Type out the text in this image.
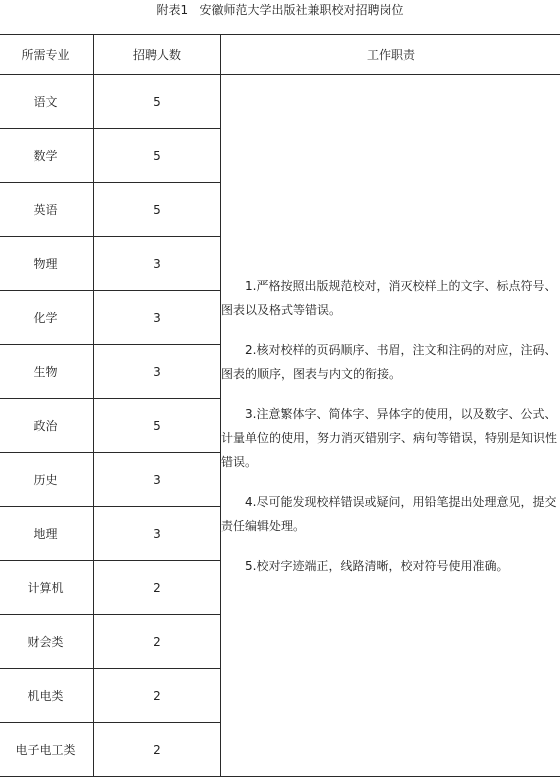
附表1   安徽师范大学出版社兼职校对招聘岗位
所需专业	招聘人数	工作职责
语文	5	1.严格按照出版规范校对，消灭校样上的文字、标点符号、图表以及格式等错误。
2.核对校样的页码顺序、书眉，注文和注码的对应，注码、图表的顺序，图表与内文的衔接。
3.注意繁体字、简体字、异体字的使用，以及数字、公式、计量单位的使用，努力消灭错别字、病句等错误，特别是知识性错误。
4.尽可能发现校样错误或疑问，用铅笔提出处理意见，提交责任编辑处理。
5.校对字迹端正，线路清晰，校对符号使用准确。

数学	5	
英语	5	
物理	3	
化学	3	
生物	3	
政治	5	
历史	3	
地理	3	
计算机	2	
财会类	2	
机电类	2	
电子电工类	2	
